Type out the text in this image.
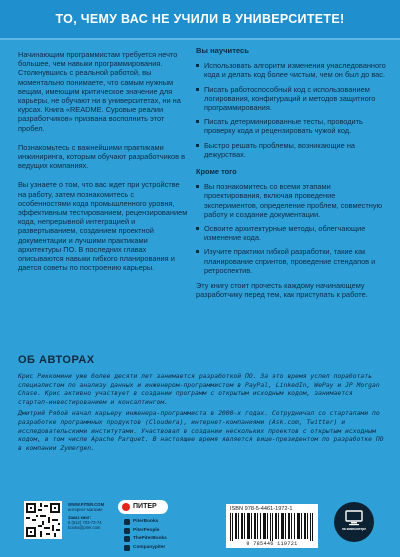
ТО, ЧЕМУ ВАС НЕ УЧИЛИ В УНИВЕРСИТЕТЕ!

Начинающим программистам требуется нечто большее, чем навыки программирования. Столкнувшись с реальной работой, вы моментально понимаете, что самым нужным вещам, имеющим критическое значение для карьеры, не обучают ни в университетах, ни на курсах. Книга «README. Суровые реалии разработчиков» призвана восполнить этот пробел.

Познакомьтесь с важнейшими практиками инжиниринга, которым обучают разработчиков в ведущих компаниях.

Вы узнаете о том, что вас ждет при устройстве на работу, затем познакомитесь с особенностями кода промышленного уровня, эффективным тестированием, рецензированием кода, непрерывной интеграцией и развертыванием, созданием проектной документации и лучшими практиками архитектуры ПО. В последних главах описываются навыки гибкого планирования и дается советы по построению карьеры.

Вы научитесь
Использовать алгоритм изменения унаследованного кода и делать код более чистым, чем он был до вас.
Писать работоспособный код с использованием логирования, конфигураций и методов защитного программирования.
Писать детерминированные тесты, проводить проверку кода и рецензировать чужой код.
Быстро решать проблемы, возникающие на дежурствах.
Кроме того
Вы познакомитесь со всеми этапами проектирования, включая проведение экспериментов, определение проблем, совместную работу и создание документации.
Освоите архитектурные методы, облегчающие изменение кода.
Изучите практики гибкой разработки, такие как планирование спринтов, проведение стендапов и ретроспектив.

Эту книгу стоит прочесть каждому начинающему разработчику перед тем, как приступать к работе.

ОБ АВТОРАХ

Крис Риккомини уже более десяти лет занимается разработкой ПО. За это время успел поработать специалистом по анализу данных и инженером-программистом в PayPal, LinkedIn, WePay и JP Morgan Chase. Крис активно участвует в создании программ с открытым исходным кодом, занимается стартап-инвестированием и консалтингом.

Дмитрий Рябой начал карьеру инженера-программиста в 2000-х годах. Сотрудничал со стартапами по разработке программных продуктов (Cloudera), интернет-компаниями (Ask.com, Twitter) и исследовательскими институтами. Участвовал в создании нескольких проектов с открытым исходным кодом, в том числе Apache Parquet. В настоящее время является вице-президентом по разработке ПО в компании Zymergen.

WWW.PITER.COM
интернет-магазин
Заказ книг:
8 (812) 703-73-74
books@piter.com
ПИТЕР
PiterBooks
PiterPeople
ThePiterBooks
Companypiter
ISBN 978-5-4461-1972-1
9 785446 119721
на компьютере
